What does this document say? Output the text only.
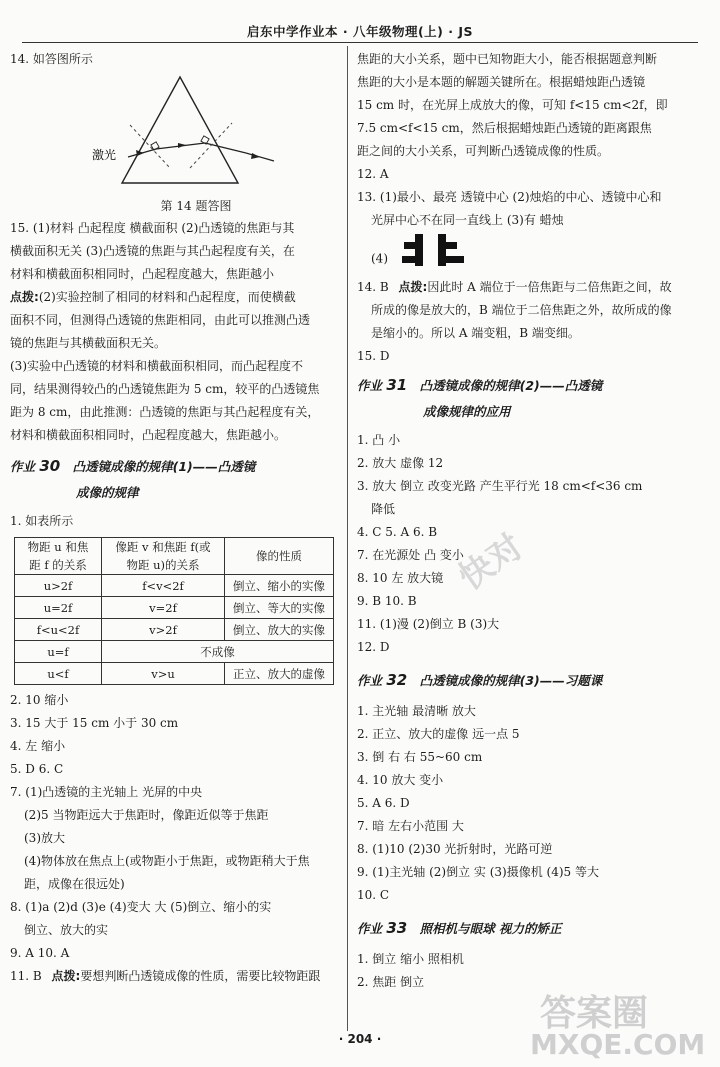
启东中学作业本 · 八年级物理(上) · JS
快对
答案圈
MXQE.COM

14. 如答图所示

激光

第 14 题答图

15. (1)材料 凸起程度 横截面积 (2)凸透镜的焦距与其

横截面积无关 (3)凸透镜的焦距与其凸起程度有关，在

材料和横截面积相同时，凸起程度越大，焦距越小

点拨:(2)实验控制了相同的材料和凸起程度，而使横截

面积不同，但测得凸透镜的焦距相同，由此可以推测凸透

镜的焦距与其横截面积无关。

(3)实验中凸透镜的材料和横截面积相同，而凸起程度不

同，结果测得较凸的凸透镜焦距为 5 cm，较平的凸透镜焦

距为 8 cm，由此推测：凸透镜的焦距与其凸起程度有关，

材料和横截面积相同时，凸起程度越大，焦距越小。

作业 30 凸透镜成像的规律(1)——凸透镜
成像的规律

1. 如表所示

物距 u 和焦
距 f 的关系	像距 v 和焦距 f(或
物距 u)的关系	像的性质
u>2f	f<v<2f	倒立、缩小的实像
u=2f	v=2f	倒立、等大的实像
f<u<2f	v>2f	倒立、放大的实像
u=f	不成像	
u<f	v>u	正立、放大的虚像

2. 10 缩小

3. 15 大于 15 cm 小于 30 cm

4. 左 缩小

5. D 6. C

7. (1)凸透镜的主光轴上 光屏的中央

(2)5 当物距远大于焦距时，像距近似等于焦距

(3)放大

(4)物体放在焦点上(或物距小于焦距，或物距稍大于焦

距，成像在很远处)

8. (1)a (2)d (3)e (4)变大 大 (5)倒立、缩小的实

倒立、放大的实

9. A 10. A

11. B 点拨:要想判断凸透镜成像的性质，需要比较物距跟

焦距的大小关系，题中已知物距大小，能否根据题意判断

焦距的大小是本题的解题关键所在。根据蜡烛距凸透镜

15 cm 时，在光屏上成放大的像，可知 f<15 cm<2f，即

7.5 cm<f<15 cm，然后根据蜡烛距凸透镜的距离跟焦

距之间的大小关系，可判断凸透镜成像的性质。

12. A

13. (1)最小、最亮 透镜中心 (2)烛焰的中心、透镜中心和

光屏中心不在同一直线上 (3)有 蜡烛

(4)

14. B 点拨:因此时 A 端位于一倍焦距与二倍焦距之间，故

所成的像是放大的，B 端位于二倍焦距之外，故所成的像

是缩小的。所以 A 端变粗，B 端变细。

15. D

作业 31 凸透镜成像的规律(2)——凸透镜
成像规律的应用

1. 凸 小

2. 放大 虚像 12

3. 放大 倒立 改变光路 产生平行光 18 cm<f<36 cm

降低

4. C 5. A 6. B

7. 在光源处 凸 变小

8. 10 左 放大镜

9. B 10. B

11. (1)漫 (2)倒立 B (3)大

12. D

作业 32 凸透镜成像的规律(3)——习题课

1. 主光轴 最清晰 放大

2. 正立、放大的虚像 远一点 5

3. 倒 右 右 55~60 cm

4. 10 放大 变小

5. A 6. D

7. 暗 左右小范围 大

8. (1)10 (2)30 光折射时，光路可逆

9. (1)主光轴 (2)倒立 实 (3)摄像机 (4)5 等大

10. C

作业 33 照相机与眼球 视力的矫正

1. 倒立 缩小 照相机

2. 焦距 倒立

· 204 ·
